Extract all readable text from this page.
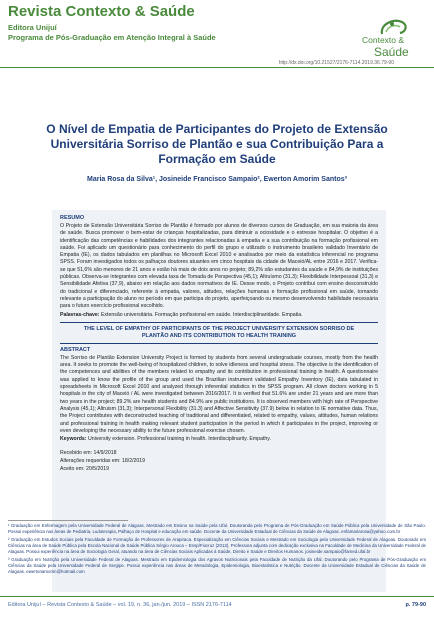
Revista Contexto & Saúde
Editora Unijuí
Programa de Pós-Graduação em Atenção Integral à Saúde	Contexto &
Saúde
http://dx.doi.org/10.21527/2176-7114.2019.36.79-90
O Nível de Empatia de Participantes do Projeto de Extensão Universitária Sorriso de Plantão e sua Contribuição Para a Formação em Saúde
Maria Rosa da Silva¹, Josineide Francisco Sampaio², Ewerton Amorim Santos³
RESUMO
O Projeto de Extensão Universitária Sorriso de Plantão é formado por alunos de diversos cursos de Graduação, em sua maioria da área de saúde. Busca promover o bem-estar de crianças hospitalizadas, para diminuir a ociosidade e o estresse hospitalar. O objetivo é a identificação das competências e habilidades dos integrantes relacionadas à empatia e a sua contribuição na formação profissional em saúde. Foi aplicado um questionário para conhecimento do perfil do grupo e utilizado o instrumento brasileiro validado Inventário de Empatia (IE), os dados tabulados em planilhas no Microsoft Excel 2010 e analisados por meio da estatística inferencial no programa SPSS. Foram investigados todos os palhaços doutores atuantes em cinco hospitais da cidade de Maceió/AL entre 2016 e 2017. Verifica-se que 51,6% são menores de 21 anos e estão há mais de dois anos no projeto; 89,2% são estudantes da saúde e 84,9% de instituições públicas. Observa-se integrantes com elevada taxa de Tomada de Perspectiva (45,1); Altruísmo (31,3); Flexibilidade Interpessoal (31,3) e Sensibilidade Afetiva (37,9), abaixo em relação aos dados normativos de IE. Desse modo, o Projeto contribui com ensino desconstruído do tradicional e diferenciado, referente à empatia, valores, atitudes, relações humanas e formação profissional em saúde, tornando relevante a participação do aluno no período em que participa do projeto, aperfeiçoando ou mesmo desenvolvendo habilidade necessária para o futuro exercício profissional escolhido.
Palavras-chave: Extensão universitária. Formação profissional em saúde. Interdisciplinaridade. Empatia.
THE LEVEL OF EMPATHY OF PARTICIPANTS OF THE PROJECT UNIVERSITY EXTENSION SORRISO DE PLANTÃO AND ITS CONTRIBUTION TO HEALTH TRAINING
ABSTRACT
The Sorriso de Plantão Extension University Project is formed by students from several undergraduate courses, mostly from the health area. It seeks to promote the well-being of hospitalized children, to solve idleness and hospital stress. The objective is the identification of the competences and abilities of the members related to empathy and its contribution in professional training in health. A questionnaire was applied to know the profile of the group and used the Brazilian instrument validated Empathy Inventory (IE), data tabulated in spreadsheets in Microsoft Excel 2010 and analyzed through inferential statistics in the SPSS program. All clown doctors working in 5 hospitals in the city of Maceió / AL were investigated between 2016/2017. It is verified that 51.6% are under 21 years and are more than two years in the project; 89.2% are health students and 84.9% are public institutions. It is observed members with high rate of Perspective Analysis (45,1); Altruism (31,3); Interpersonal Flexibility (31.3) and Affective Sensitivity (37.9) below in relation to IE normative data. Thus, the Project contributes with deconstructed teaching of traditional and differentiated, related to empathy, values, attitudes, human relations and professional training in health making relevant student participation in the period in which it participates in the project, improving or even developing the necessary ability to the future professional exercise chosen.
Keywords: University extension. Professional training in health. Interdisciplinarity. Empathy.
Recebido em: 14/9/2018
Alterações requeridas em: 18/2/2019
Aceito em: 20/5/2019
¹ Graduação em Enfermagem pela Universidade Federal de Alagoas. Mestrado em Ensino na Saúde pela Ufal. Doutoranda pelo Programa de Pós-Graduação em Saúde Pública pela Universidade de São Paulo. Possui experiência nas áreas de Pediatria, Ludoterapia, Palhaço de Hospital e educação em saúde. Docente da Universidade Estadual de Ciências da Saúde de Alagoas. enfamariarosa@yahoo.com.br
² Graduação em Estudos Sociais pela Faculdade de Formação de Professores de Arapiraca. Especialização em Ciências Sociais e Mestrado em Sociologia pela Universidade Federal de Alagoas. Doutorado em Ciências na área de Saúde Pública pela Escola Nacional de Saúde Pública Sérgio Arouca – Ensp/Fiocruz (2013). Professora adjunta com dedicação exclusiva na Faculdade de Medicina da Universidade Federal de Alagoas. Possui experiência na área de Sociologia Geral, atuando na área de Ciências Sociais Aplicadas à Saúde, Direito e Saúde e Direitos Humanos. josineide.sampaio@famed.ufal.br
³ Graduação em Nutrição pela Universidade Federal de Alagoas. Mestrado em Epidemiologia dos Agravos Nutricionais pela Faculdade de Nutrição da Ufal. Doutorando pelo Programa de Pós-Graduação em Ciências da Saúde pela Universidade Federal de Sergipe. Possui experiência nas áreas de Metodologia, Epidemiologia, Bioestatística e Nutrição. Docente da Universidade Estadual de Ciências da Saúde de Alagoas. ewertonamorim@hotmail.com
Editora Unijuí – Revista Contexto & Saúde – vol. 19, n. 36, jan./jun. 2019 – ISSN 2176-7114	p. 79-90
